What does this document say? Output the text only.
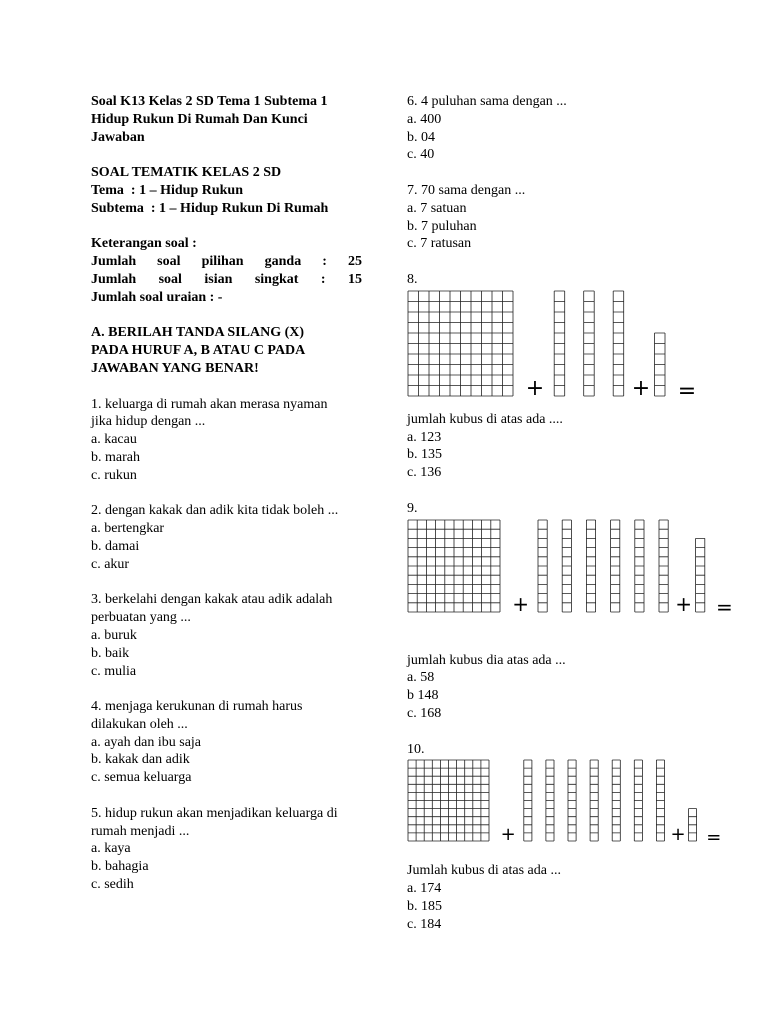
Soal K13 Kelas 2 SD Tema 1 Subtema 1
Hidup Rukun Di Rumah Dan Kunci
Jawaban
SOAL TEMATIK KELAS 2 SD
Tema  : 1 – Hidup Rukun
Subtema  : 1 – Hidup Rukun Di Rumah
Keterangan soal :
Jumlah soal pilihan ganda : 25
Jumlah soal isian singkat : 15
Jumlah soal uraian : -
A. BERILAH TANDA SILANG (X)
PADA HURUF A, B ATAU C PADA
JAWABAN YANG BENAR!
1. keluarga di rumah akan merasa nyaman
jika hidup dengan ...
a. kacau
b. marah
c. rukun
2. dengan kakak dan adik kita tidak boleh ...
a. bertengkar
b. damai
c. akur
3. berkelahi dengan kakak atau adik adalah
perbuatan yang ...
a. buruk
b. baik
c. mulia
4. menjaga kerukunan di rumah harus
dilakukan oleh ...
a. ayah dan ibu saja
b. kakak dan adik
c. semua keluarga
5. hidup rukun akan menjadikan keluarga di
rumah menjadi ...
a. kaya
b. bahagia
c. sedih
6. 4 puluhan sama dengan ...
a. 400
b. 04
c. 40
7. 70 sama dengan ...
a. 7 satuan
b. 7 puluhan
c. 7 ratusan
8.
+	+ =
jumlah kubus di atas ada ....
a. 123
b. 135
c. 136
9.
+	+ =
jumlah kubus dia atas ada ...
a. 58
b 148
c. 168
10.
+	+ =
Jumlah kubus di atas ada ...
a. 174
b. 185
c. 184
